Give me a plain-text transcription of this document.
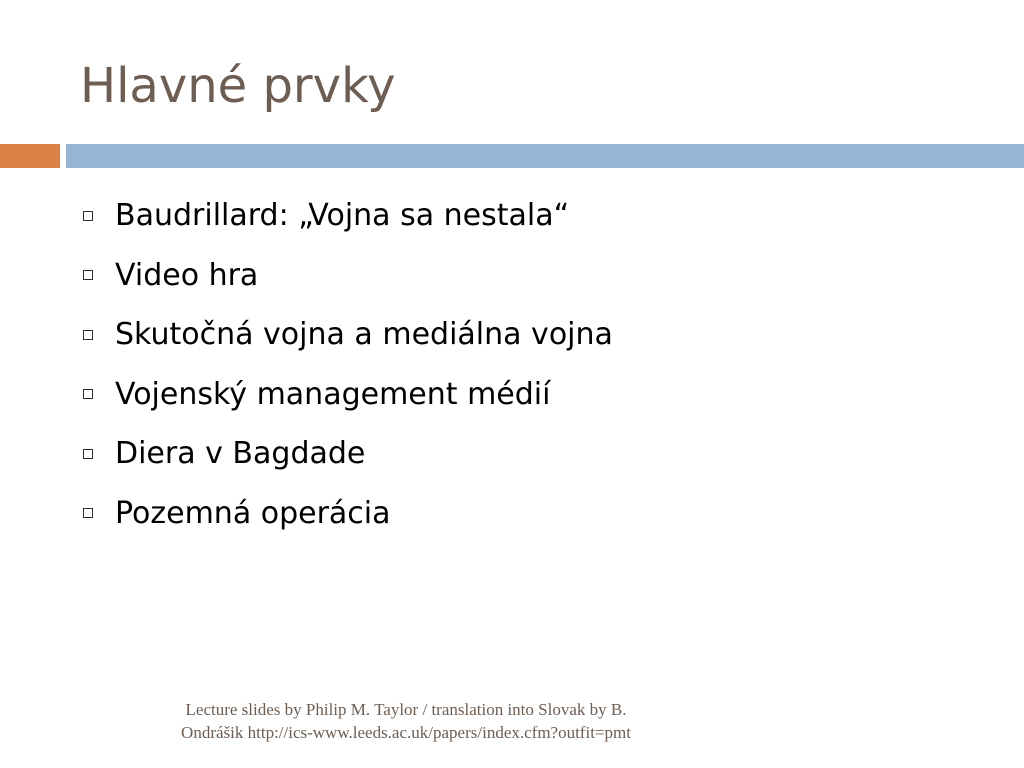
Hlavné prvky
Baudrillard: „Vojna sa nestala“
Video hra
Skutočná vojna a mediálna vojna
Vojenský management médií
Diera v Bagdade
Pozemná operácia
Lecture slides by Philip M. Taylor / translation into Slovak by B.
Ondrášik http://ics-www.leeds.ac.uk/papers/index.cfm?outfit=pmt
